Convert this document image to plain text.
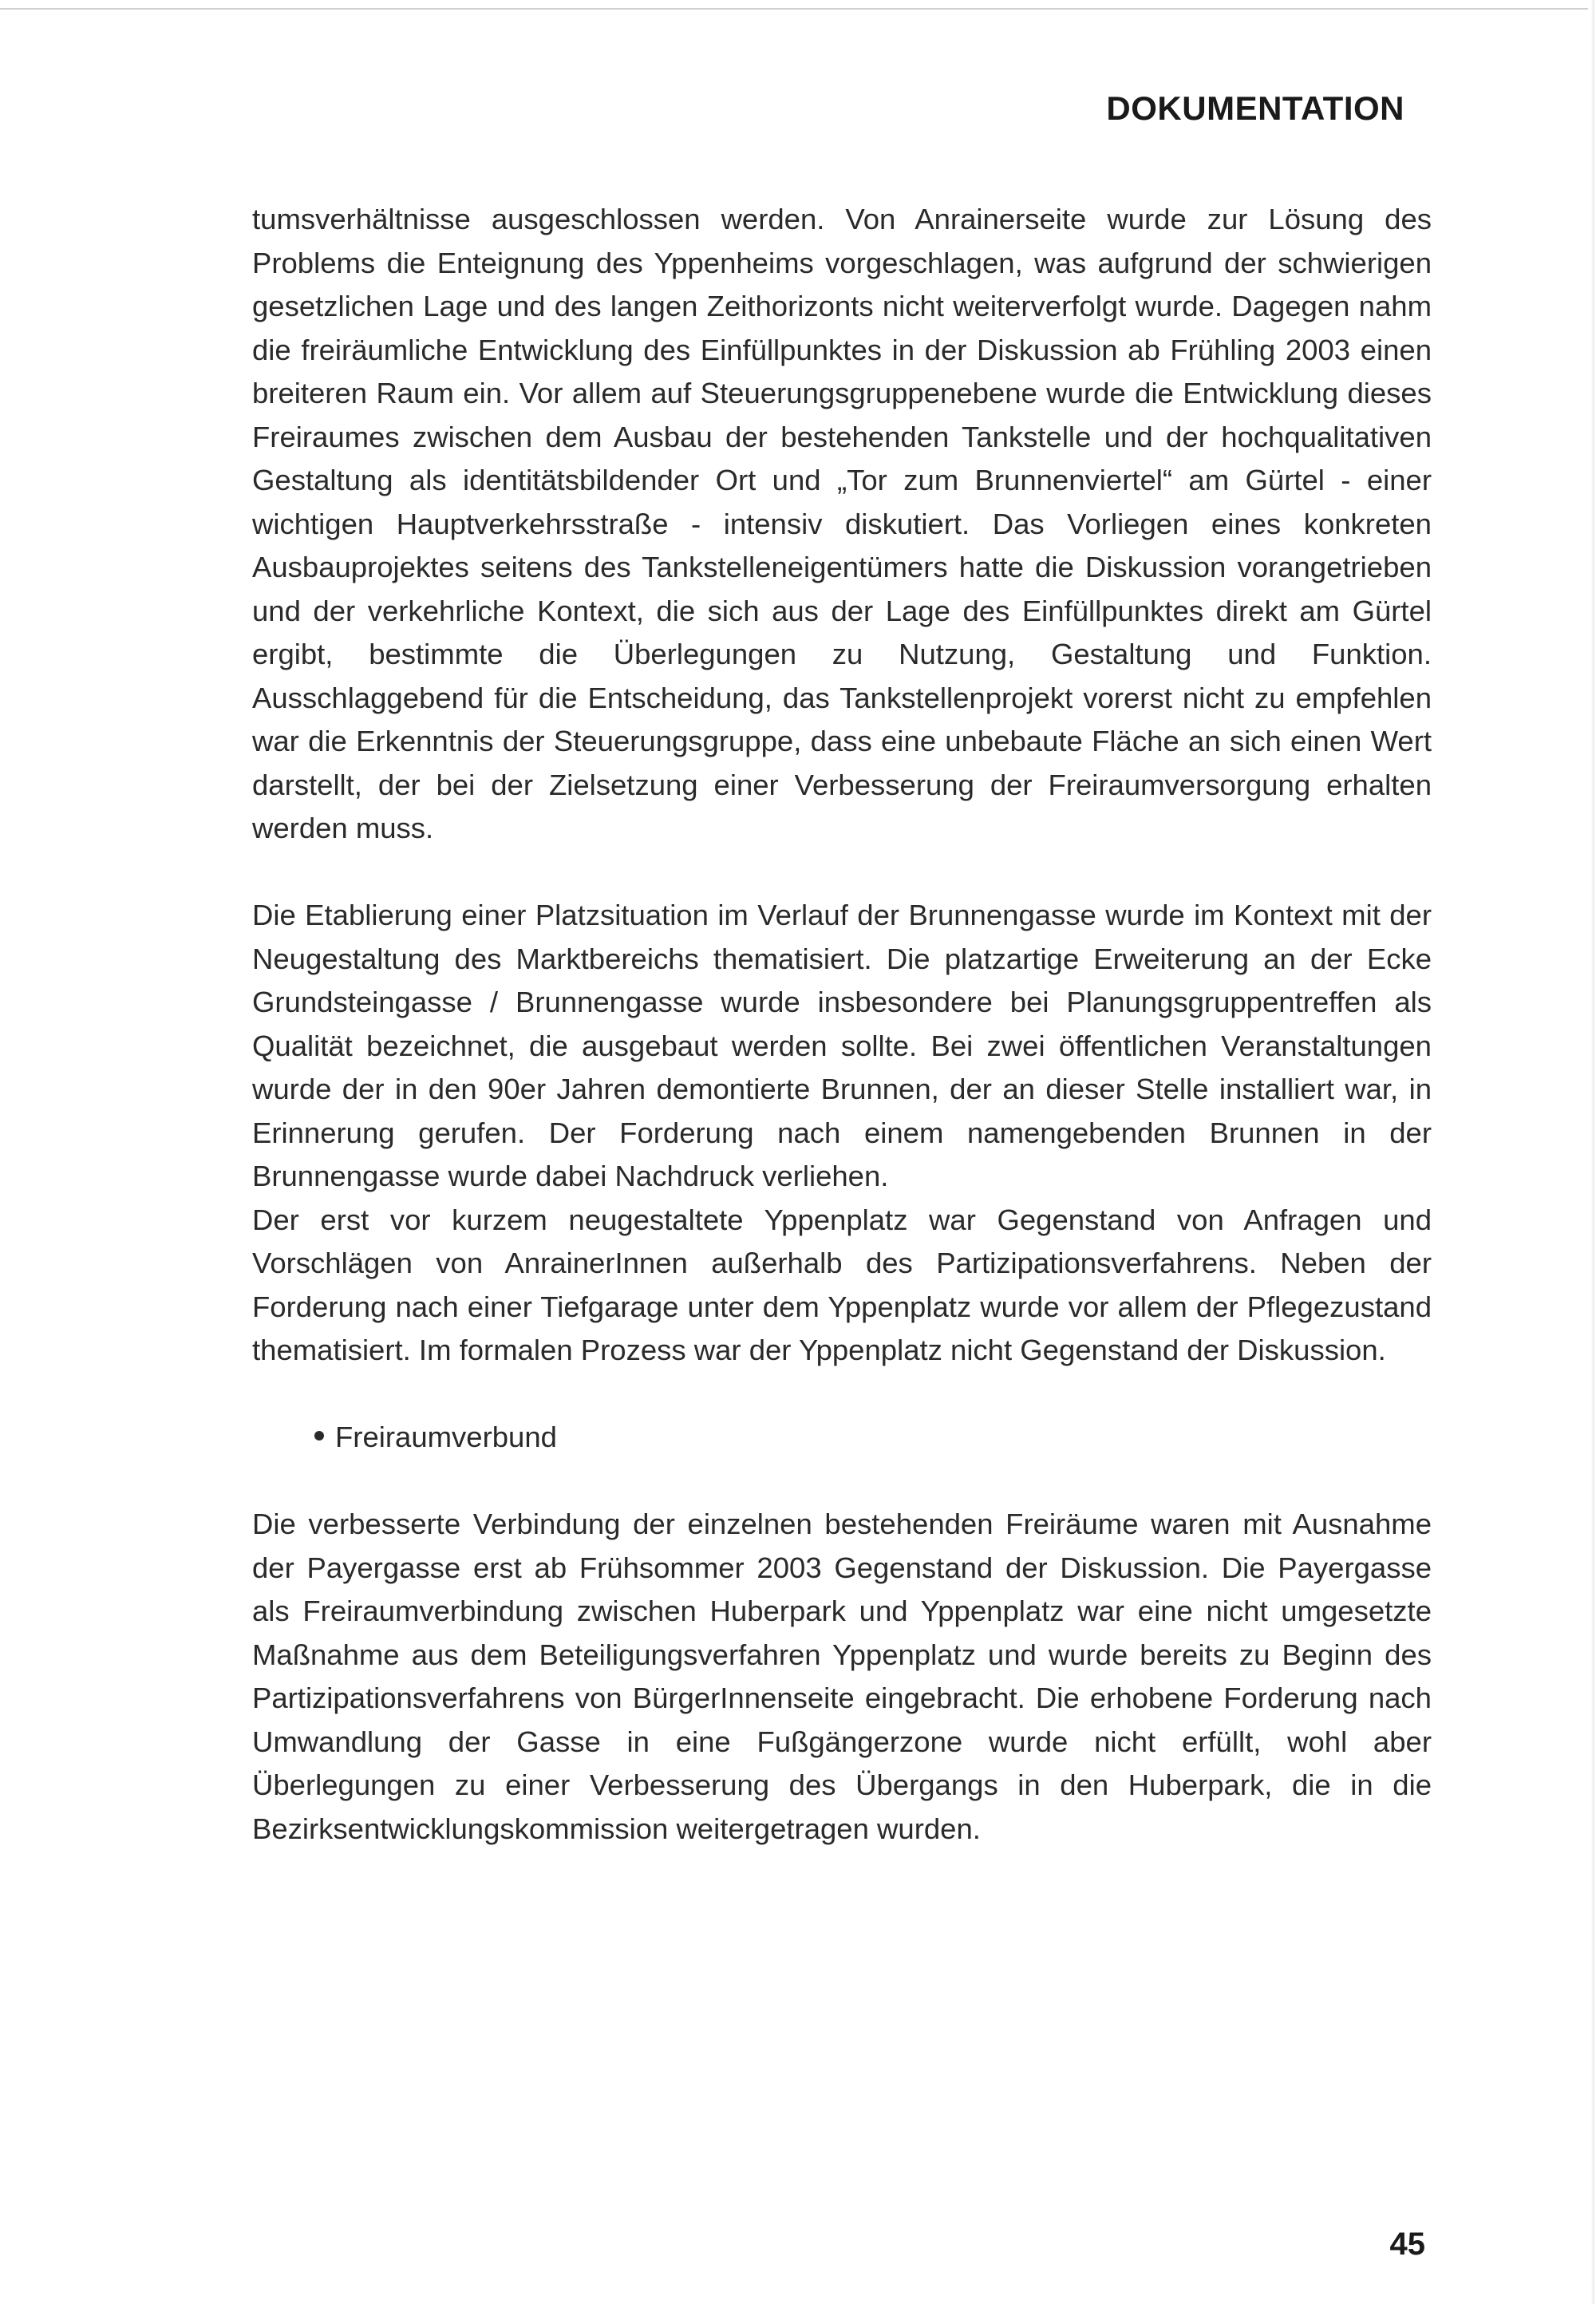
DOKUMENTATION

tumsverhältnisse ausgeschlossen werden. Von Anrainerseite wurde zur Lösung des Problems die Enteignung des Yppenheims vorgeschlagen, was aufgrund der schwierigen gesetzlichen Lage und des langen Zeithorizonts nicht weiterverfolgt wurde. Dagegen nahm die freiräumliche Entwicklung des Einfüllpunktes in der Diskussion ab Frühling 2003 einen breiteren Raum ein. Vor allem auf Steuerungsgruppenebene wurde die Entwicklung dieses Freiraumes zwischen dem Ausbau der bestehenden Tankstelle und der hochqualitativen Gestaltung als identitätsbildender Ort und „Tor zum Brunnenviertel“ am Gürtel - einer wichtigen Hauptverkehrsstraße - intensiv diskutiert. Das Vorliegen eines konkreten Ausbauprojektes seitens des Tankstelleneigentümers hatte die Diskussion vorangetrieben und der verkehrliche Kontext, die sich aus der Lage des Einfüllpunktes direkt am Gürtel ergibt, bestimmte die Überlegungen zu Nutzung, Gestaltung und Funktion. Ausschlaggebend für die Entscheidung, das Tankstellenprojekt vorerst nicht zu empfehlen war die Erkenntnis der Steuerungsgruppe, dass eine unbebaute Fläche an sich einen Wert darstellt, der bei der Zielsetzung einer Verbesserung der Freiraumversorgung erhalten werden muss.

Die Etablierung einer Platzsituation im Verlauf der Brunnengasse wurde im Kontext mit der Neugestaltung des Marktbereichs thematisiert. Die platzartige Erweiterung an der Ecke Grundsteingasse / Brunnengasse wurde insbesondere bei Planungsgruppentreffen als Qualität bezeichnet, die ausgebaut werden sollte. Bei zwei öffentlichen Veranstaltungen wurde der in den 90er Jahren demontierte Brunnen, der an dieser Stelle installiert war, in Erinnerung gerufen. Der Forderung nach einem namengebenden Brunnen in der Brunnengasse wurde dabei Nachdruck verliehen.

Der erst vor kurzem neugestaltete Yppenplatz war Gegenstand von Anfragen und Vorschlägen von AnrainerInnen außerhalb des Partizipationsverfahrens. Neben der Forderung nach einer Tiefgarage unter dem Yppenplatz wurde vor allem der Pflegezustand thematisiert. Im formalen Prozess war der Yppenplatz nicht Gegenstand der Diskussion.

Freiraumverbund

Die verbesserte Verbindung der einzelnen bestehenden Freiräume waren mit Ausnahme der Payergasse erst ab Frühsommer 2003 Gegenstand der Diskussion. Die Payergasse als Freiraumverbindung zwischen Huberpark und Yppenplatz war eine nicht umgesetzte Maßnahme aus dem Beteiligungsverfahren Yppenplatz und wurde bereits zu Beginn des Partizipationsverfahrens von BürgerInnenseite eingebracht. Die erhobene Forderung nach Umwandlung der Gasse in eine Fußgängerzone wurde nicht erfüllt, wohl aber Überlegungen zu einer Verbesserung des Übergangs in den Huberpark, die in die Bezirksentwicklungskommission weitergetragen wurden.

45
